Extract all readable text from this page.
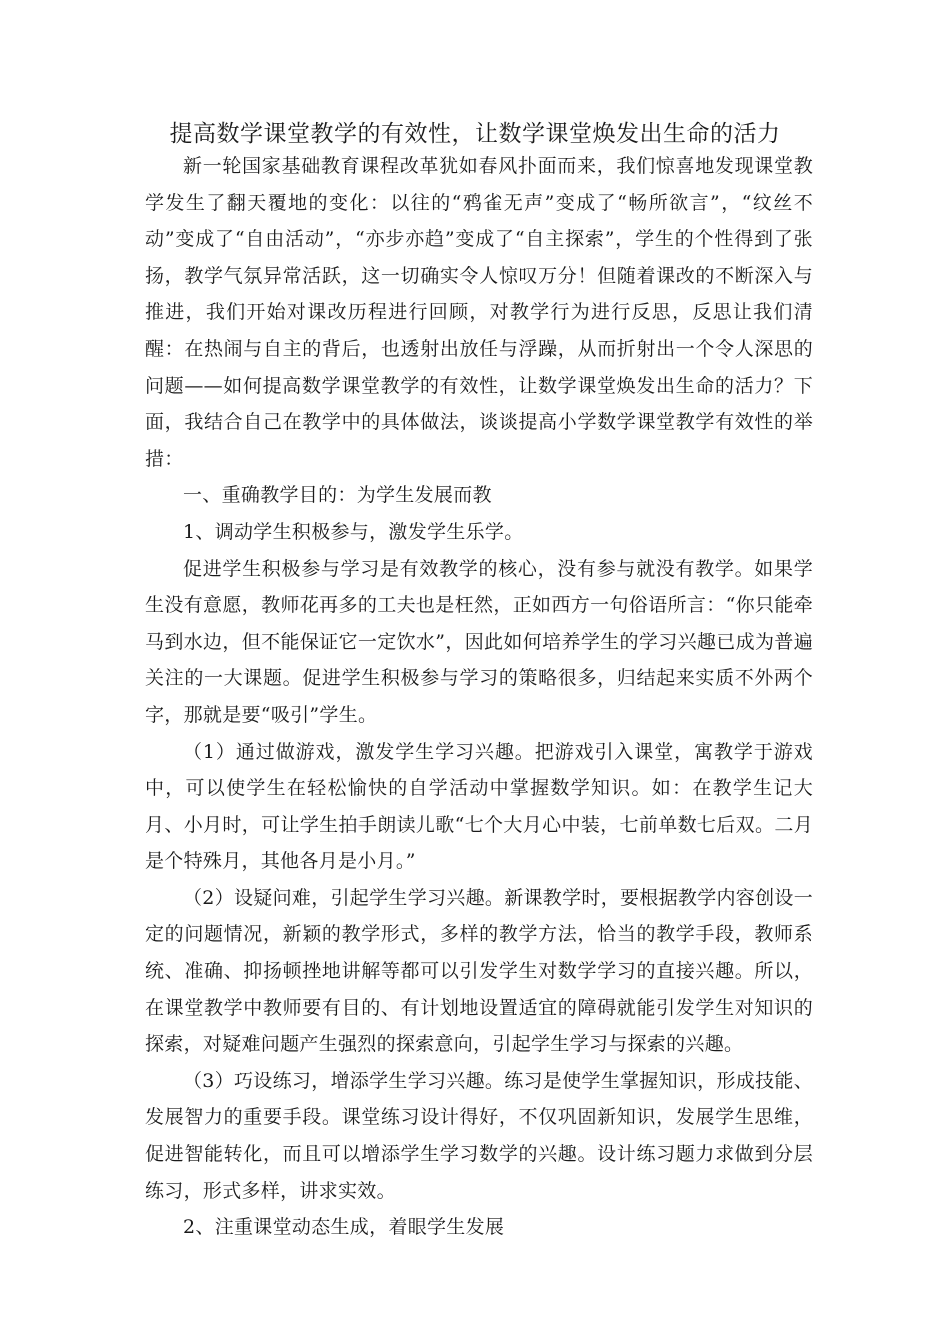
提高数学课堂教学的有效性，让数学课堂焕发出生命的活力

新一轮国家基础教育课程改革犹如春风扑面而来，我们惊喜地发现课堂教学发生了翻天覆地的变化：以往的“鸦雀无声”变成了“畅所欲言”，“纹丝不动”变成了“自由活动”，“亦步亦趋”变成了“自主探索”，学生的个性得到了张扬，教学气氛异常活跃，这一切确实令人惊叹万分！但随着课改的不断深入与推进，我们开始对课改历程进行回顾，对教学行为进行反思，反思让我们清醒：在热闹与自主的背后，也透射出放任与浮躁，从而折射出一个令人深思的问题——如何提高数学课堂教学的有效性，让数学课堂焕发出生命的活力？下面，我结合自己在教学中的具体做法，谈谈提高小学数学课堂教学有效性的举措：

一、重确教学目的：为学生发展而教

1、调动学生积极参与，激发学生乐学。

促进学生积极参与学习是有效教学的核心，没有参与就没有教学。如果学生没有意愿，教师花再多的工夫也是枉然，正如西方一句俗语所言：“你只能牵马到水边，但不能保证它一定饮水”，因此如何培养学生的学习兴趣已成为普遍关注的一大课题。促进学生积极参与学习的策略很多，归结起来实质不外两个字，那就是要“吸引”学生。

（1）通过做游戏，激发学生学习兴趣。把游戏引入课堂，寓教学于游戏中，可以使学生在轻松愉快的自学活动中掌握数学知识。如：在教学生记大月、小月时，可让学生拍手朗读儿歌“七个大月心中装，七前单数七后双。二月是个特殊月，其他各月是小月。”

（2）设疑问难，引起学生学习兴趣。新课教学时，要根据教学内容创设一定的问题情况，新颖的教学形式，多样的教学方法，恰当的教学手段，教师系统、准确、抑扬顿挫地讲解等都可以引发学生对数学学习的直接兴趣。所以，在课堂教学中教师要有目的、有计划地设置适宜的障碍就能引发学生对知识的探索，对疑难问题产生强烈的探索意向，引起学生学习与探索的兴趣。

（3）巧设练习，增添学生学习兴趣。练习是使学生掌握知识，形成技能、发展智力的重要手段。课堂练习设计得好，不仅巩固新知识，发展学生思维，促进智能转化，而且可以增添学生学习数学的兴趣。设计练习题力求做到分层练习，形式多样，讲求实效。

2、注重课堂动态生成，着眼学生发展
